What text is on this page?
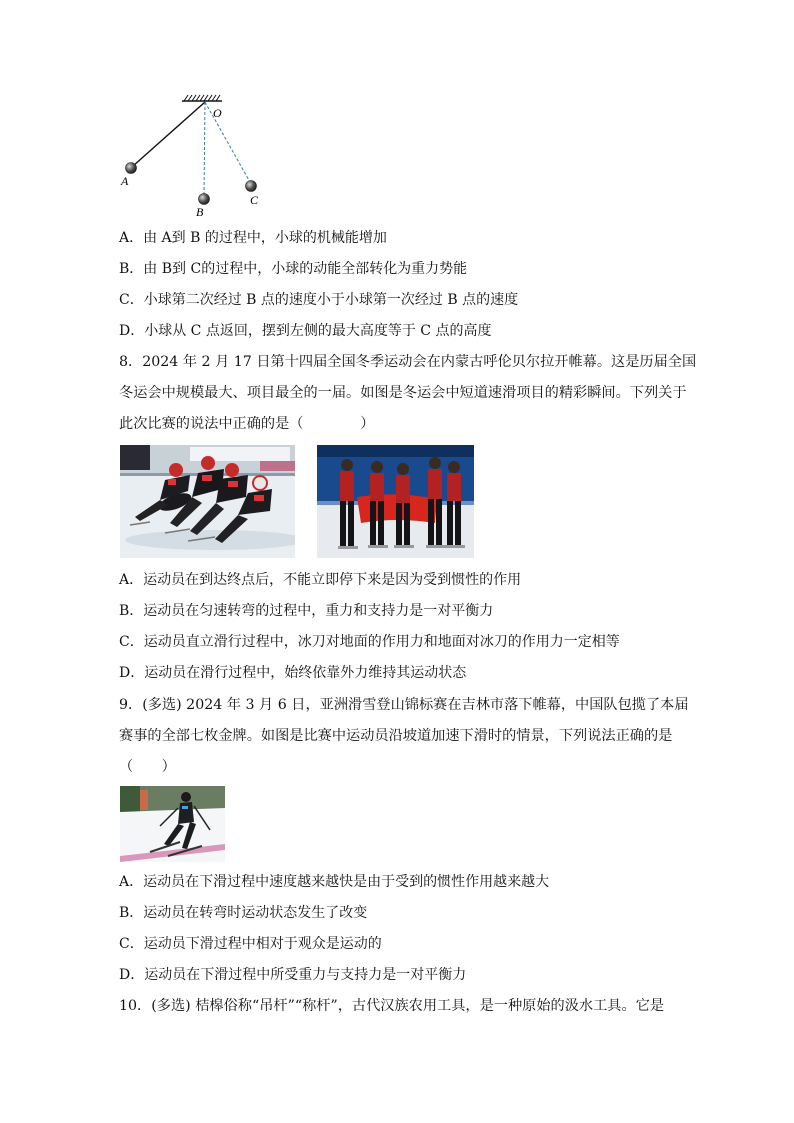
O
A
B
C
A．由 A到 B 的过程中，小球的机械能增加
B．由 B到 C的过程中，小球的动能全部转化为重力势能
C．小球第二次经过 B 点的速度小于小球第一次经过 B 点的速度
D．小球从 C 点返回，摆到左侧的最大高度等于 C 点的高度
8．2024 年 2 月 17 日第十四届全国冬季运动会在内蒙古呼伦贝尔拉开帷幕。这是历届全国
冬运会中规模最大、项目最全的一届。如图是冬运会中短道速滑项目的精彩瞬间。下列关于
此次比赛的说法中正确的是（　　　　）
A．运动员在到达终点后，不能立即停下来是因为受到惯性的作用
B．运动员在匀速转弯的过程中，重力和支持力是一对平衡力
C．运动员直立滑行过程中，冰刀对地面的作用力和地面对冰刀的作用力一定相等
D．运动员在滑行过程中，始终依靠外力维持其运动状态
9．(多选) 2024 年 3 月 6 日，亚洲滑雪登山锦标赛在吉林市落下帷幕，中国队包揽了本届
赛事的全部七枚金牌。如图是比赛中运动员沿坡道加速下滑时的情景，下列说法正确的是
（　　）
A．运动员在下滑过程中速度越来越快是由于受到的惯性作用越来越大
B．运动员在转弯时运动状态发生了改变
C．运动员下滑过程中相对于观众是运动的
D．运动员在下滑过程中所受重力与支持力是一对平衡力
10．(多选) 桔槔俗称“吊杆”“称杆”，古代汉族农用工具，是一种原始的汲水工具。它是
